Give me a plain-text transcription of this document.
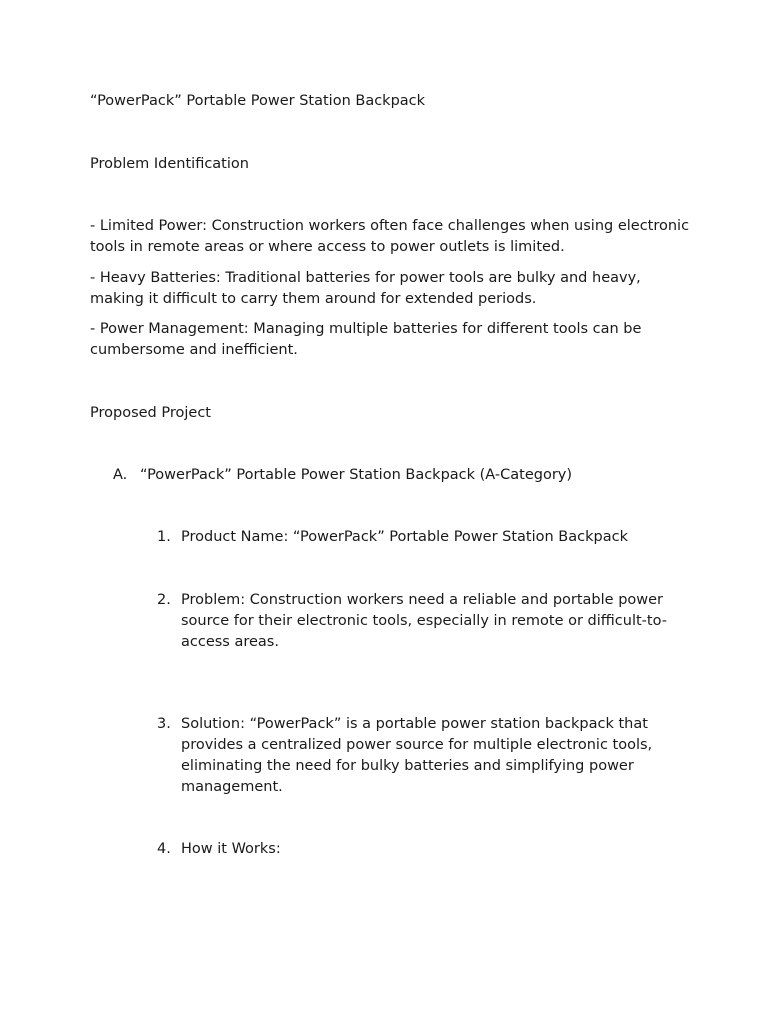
“PowerPack” Portable Power Station Backpack

Problem Identification

- Limited Power: Construction workers often face challenges when using electronic tools in remote areas or where access to power outlets is limited.

- Heavy Batteries: Traditional batteries for power tools are bulky and heavy, making it difficult to carry them around for extended periods.

- Power Management: Managing multiple batteries for different tools can be cumbersome and inefficient.

Proposed Project

A. “PowerPack” Portable Power Station Backpack (A-Category)
1. Product Name: “PowerPack” Portable Power Station Backpack
2. Problem: Construction workers need a reliable and portable power source for their electronic tools, especially in remote or difficult-to-access areas.
3. Solution: “PowerPack” is a portable power station backpack that provides a centralized power source for multiple electronic tools, eliminating the need for bulky batteries and simplifying power management.
4. How it Works:
